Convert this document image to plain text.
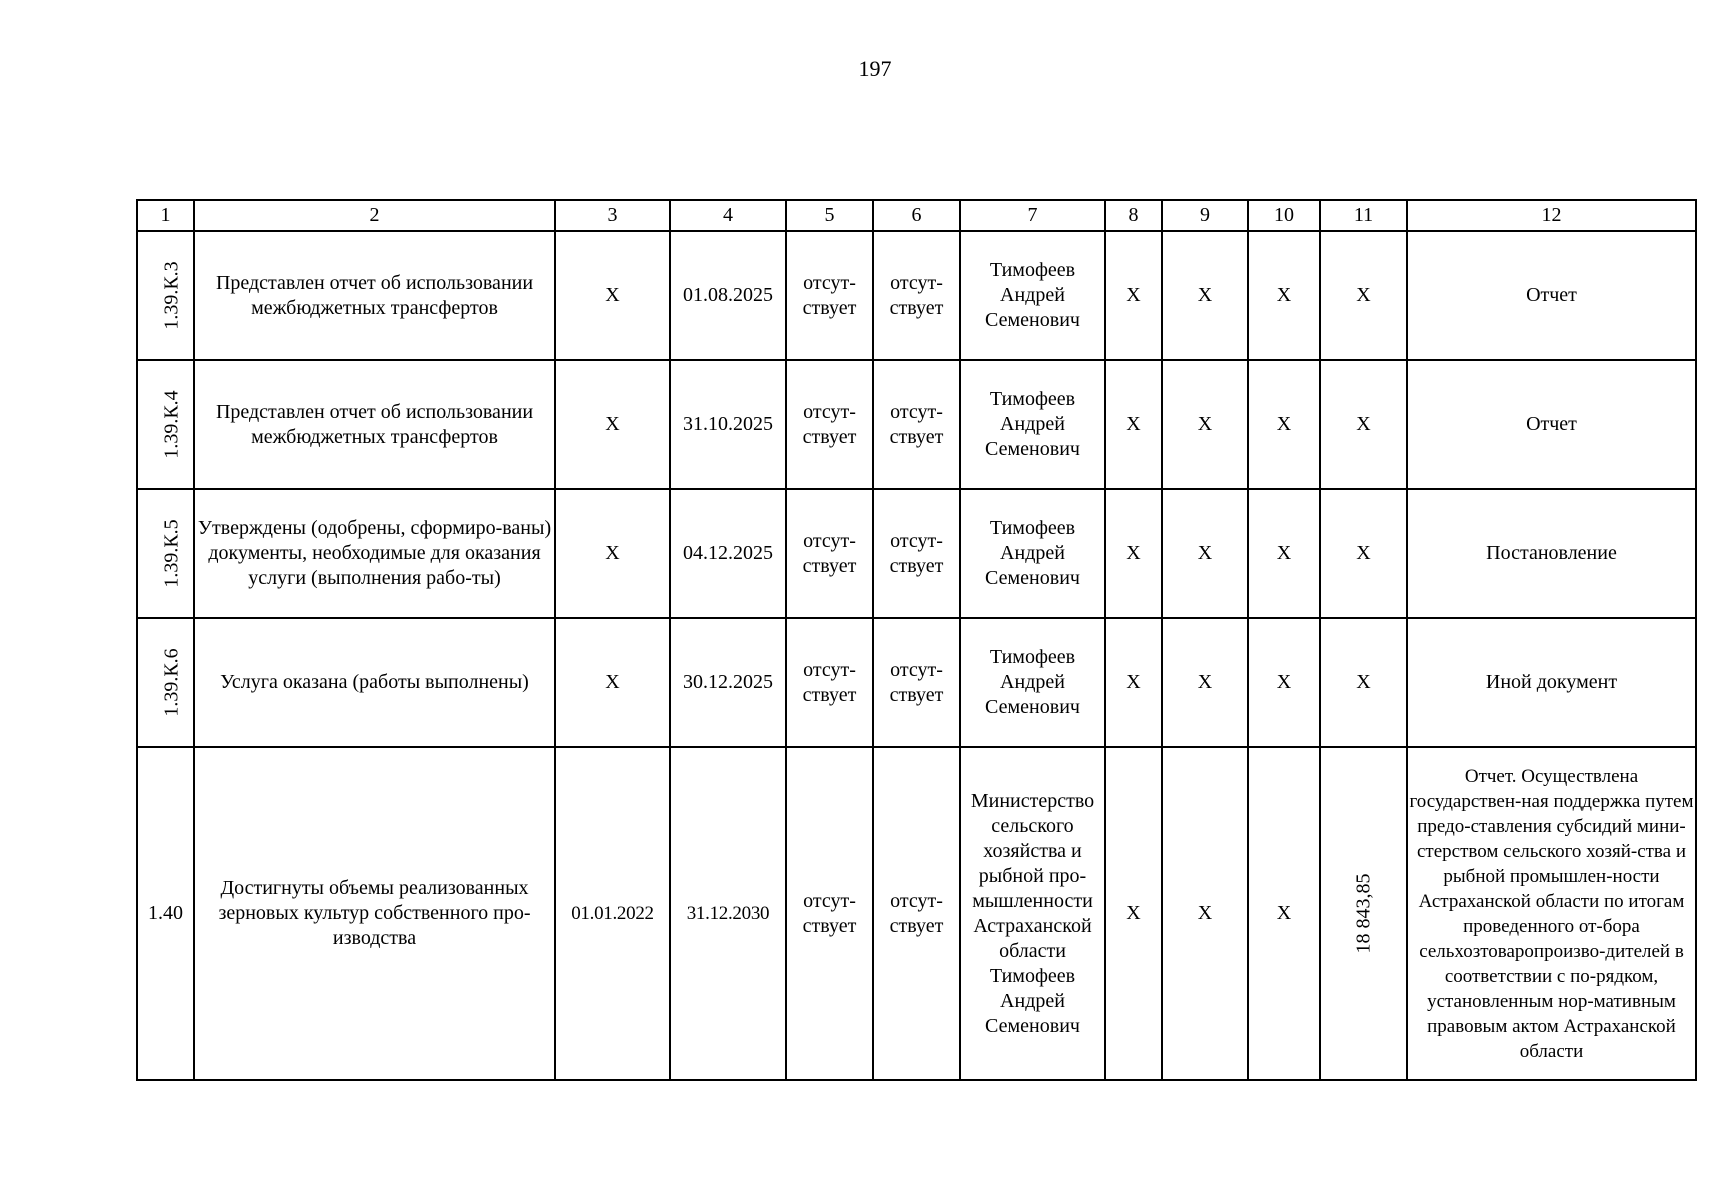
197
1	2	3	4	5	6	7	8	9	10	11	12
1.39.К.3	Представлен отчет об использовании межбюджетных трансфертов	X	01.08.2025	отсут-ствует	отсут-ствует	Тимофеев Андрей Семенович	X	X	X	X	Отчет
1.39.К.4	Представлен отчет об использовании межбюджетных трансфертов	X	31.10.2025	отсут-ствует	отсут-ствует	Тимофеев Андрей Семенович	X	X	X	X	Отчет
1.39.К.5	Утверждены (одобрены, сформиро-ваны) документы, необходимые для оказания услуги (выполнения рабо-ты)	X	04.12.2025	отсут-ствует	отсут-ствует	Тимофеев Андрей Семенович	X	X	X	X	Постановление
1.39.К.6	Услуга оказана (работы выполнены)	X	30.12.2025	отсут-ствует	отсут-ствует	Тимофеев Андрей Семенович	X	X	X	X	Иной документ
1.40	Достигнуты объемы реализованных зерновых культур собственного про-изводства	01.01.2022	31.12.2030	отсут-ствует	отсут-ствует	Министерство сельского хозяйства и рыбной про-мышленности Астраханской области Тимофеев Андрей Семенович	X	X	X	18 843,85	Отчет. Осуществлена государствен-ная поддержка путем предо-ставления субсидий мини-стерством сельского хозяй-ства и рыбной промышлен-ности Астраханской области по итогам проведенного от-бора сельхозтоваропроизво-дителей в соответствии с по-рядком, установленным нор-мативным правовым актом Астраханской области
